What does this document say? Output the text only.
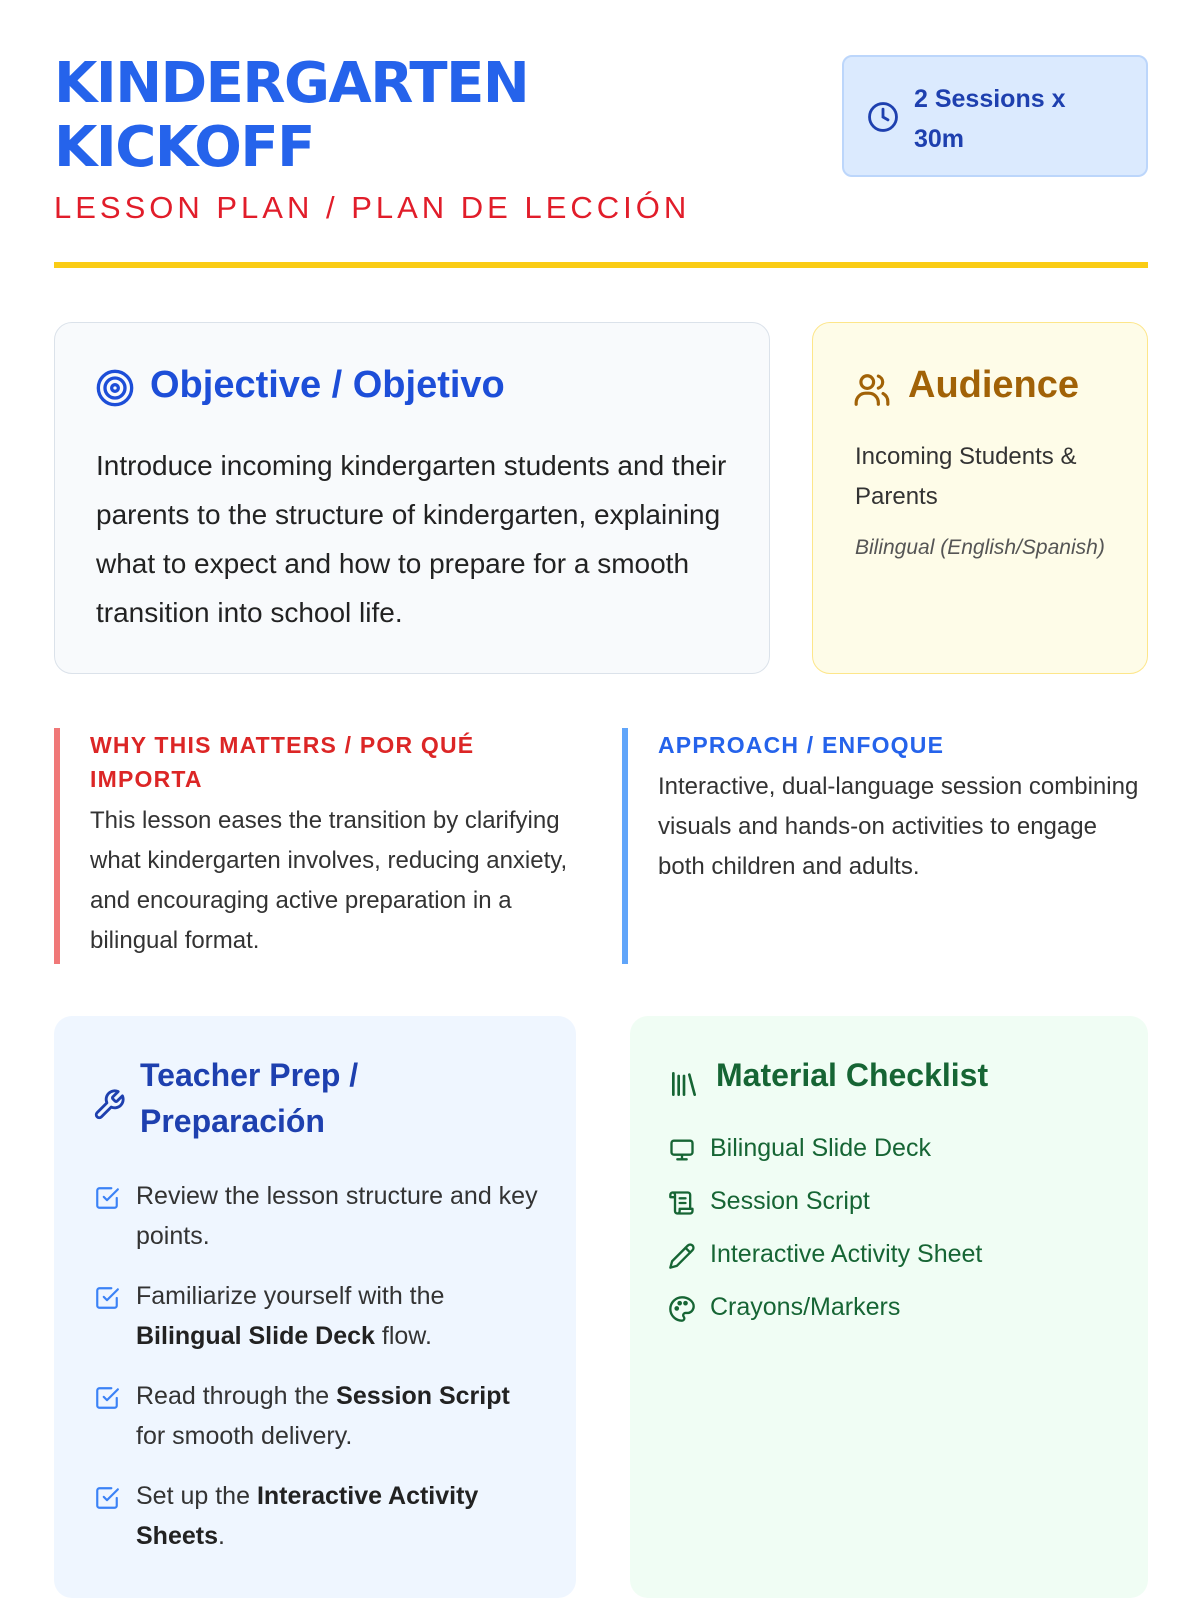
KINDERGARTEN
KICKOFF
LESSON PLAN / PLAN DE LECCIÓN
2 Sessions x
30m
Objective / Objetivo

Introduce incoming kindergarten students and their parents to the structure of kindergarten, explaining what to expect and how to prepare for a smooth transition into school life.

Audience
Incoming Students & Parents
Bilingual (English/Spanish)
WHY THIS MATTERS / POR QUÉ IMPORTA
This lesson eases the transition by clarifying what kindergarten involves, reducing anxiety, and encouraging active preparation in a bilingual format.
APPROACH / ENFOQUE
Interactive, dual-language session combining visuals and hands-on activities to engage both children and adults.
Teacher Prep / Preparación
Review the lesson structure and key points.
Familiarize yourself with the Bilingual Slide Deck flow.
Read through the Session Script for smooth delivery.
Set up the Interactive Activity Sheets.
Material Checklist
Bilingual Slide Deck
Session Script
Interactive Activity Sheet
Crayons/Markers
